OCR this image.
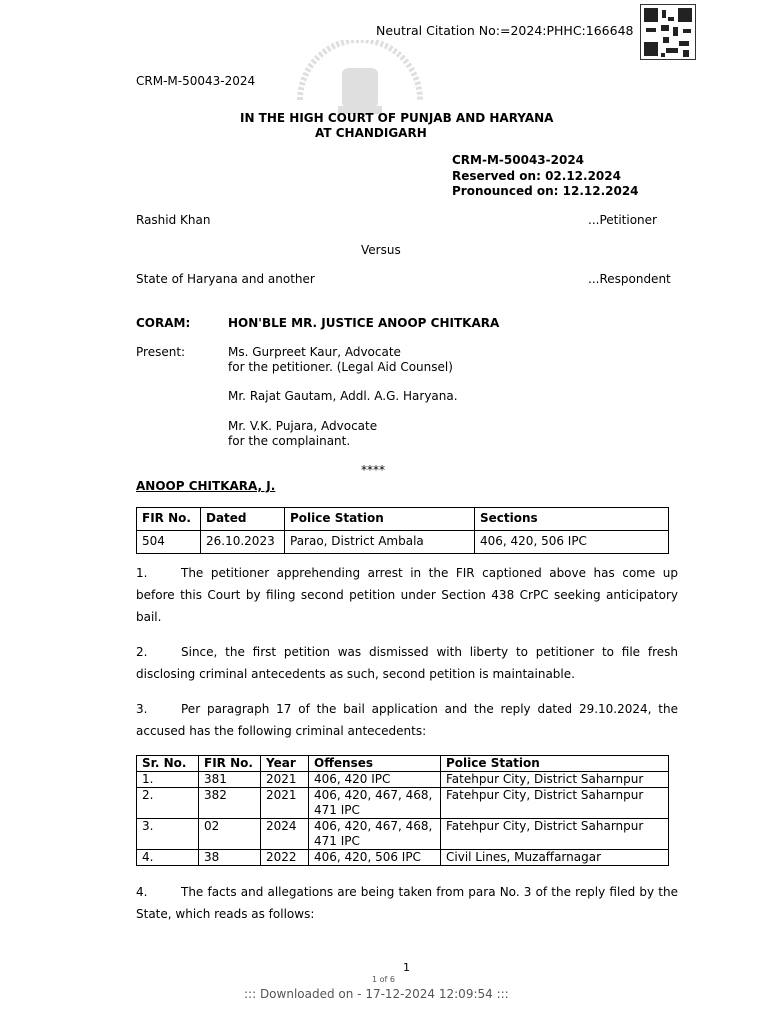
Neutral Citation No:=2024:PHHC:166648
CRM-M-50043-2024
IN THE HIGH COURT OF PUNJAB AND HARYANA
AT CHANDIGARH
CRM-M-50043-2024
Reserved on: 02.12.2024
Pronounced on: 12.12.2024
Rashid Khan	...Petitioner
Versus
State of Haryana and another	...Respondent
CORAM:	HON'BLE MR. JUSTICE ANOOP CHITKARA
Present:	Ms. Gurpreet Kaur, Advocate
for the petitioner. (Legal Aid Counsel)
Mr. Rajat Gautam, Addl. A.G. Haryana.
Mr. V.K. Pujara, Advocate
for the complainant.
****
ANOOP CHITKARA, J.
FIR No.	Dated	Police Station	Sections
504	26.10.2023	Parao, District Ambala	406, 420, 506 IPC
1.	The petitioner apprehending arrest in the FIR captioned above has come up before this Court by filing second petition under Section 438 CrPC seeking anticipatory bail.
2.	Since, the first petition was dismissed with liberty to petitioner to file fresh disclosing criminal antecedents as such, second petition is maintainable.
3.	Per paragraph 17 of the bail application and the reply dated 29.10.2024, the accused has the following criminal antecedents:
Sr. No.	FIR No.	Year	Offenses	Police Station
1.	381	2021	406, 420 IPC	Fatehpur City, District Saharnpur
2.	382	2021	406, 420, 467, 468, 471 IPC	Fatehpur City, District Saharnpur
3.	02	2024	406, 420, 467, 468, 471 IPC	Fatehpur City, District Saharnpur
4.	38	2022	406, 420, 506 IPC	Civil Lines, Muzaffarnagar
4.	The facts and allegations are being taken from para No. 3 of the reply filed by the State, which reads as follows:
1
1 of 6
::: Downloaded on - 17-12-2024 12:09:54 :::
